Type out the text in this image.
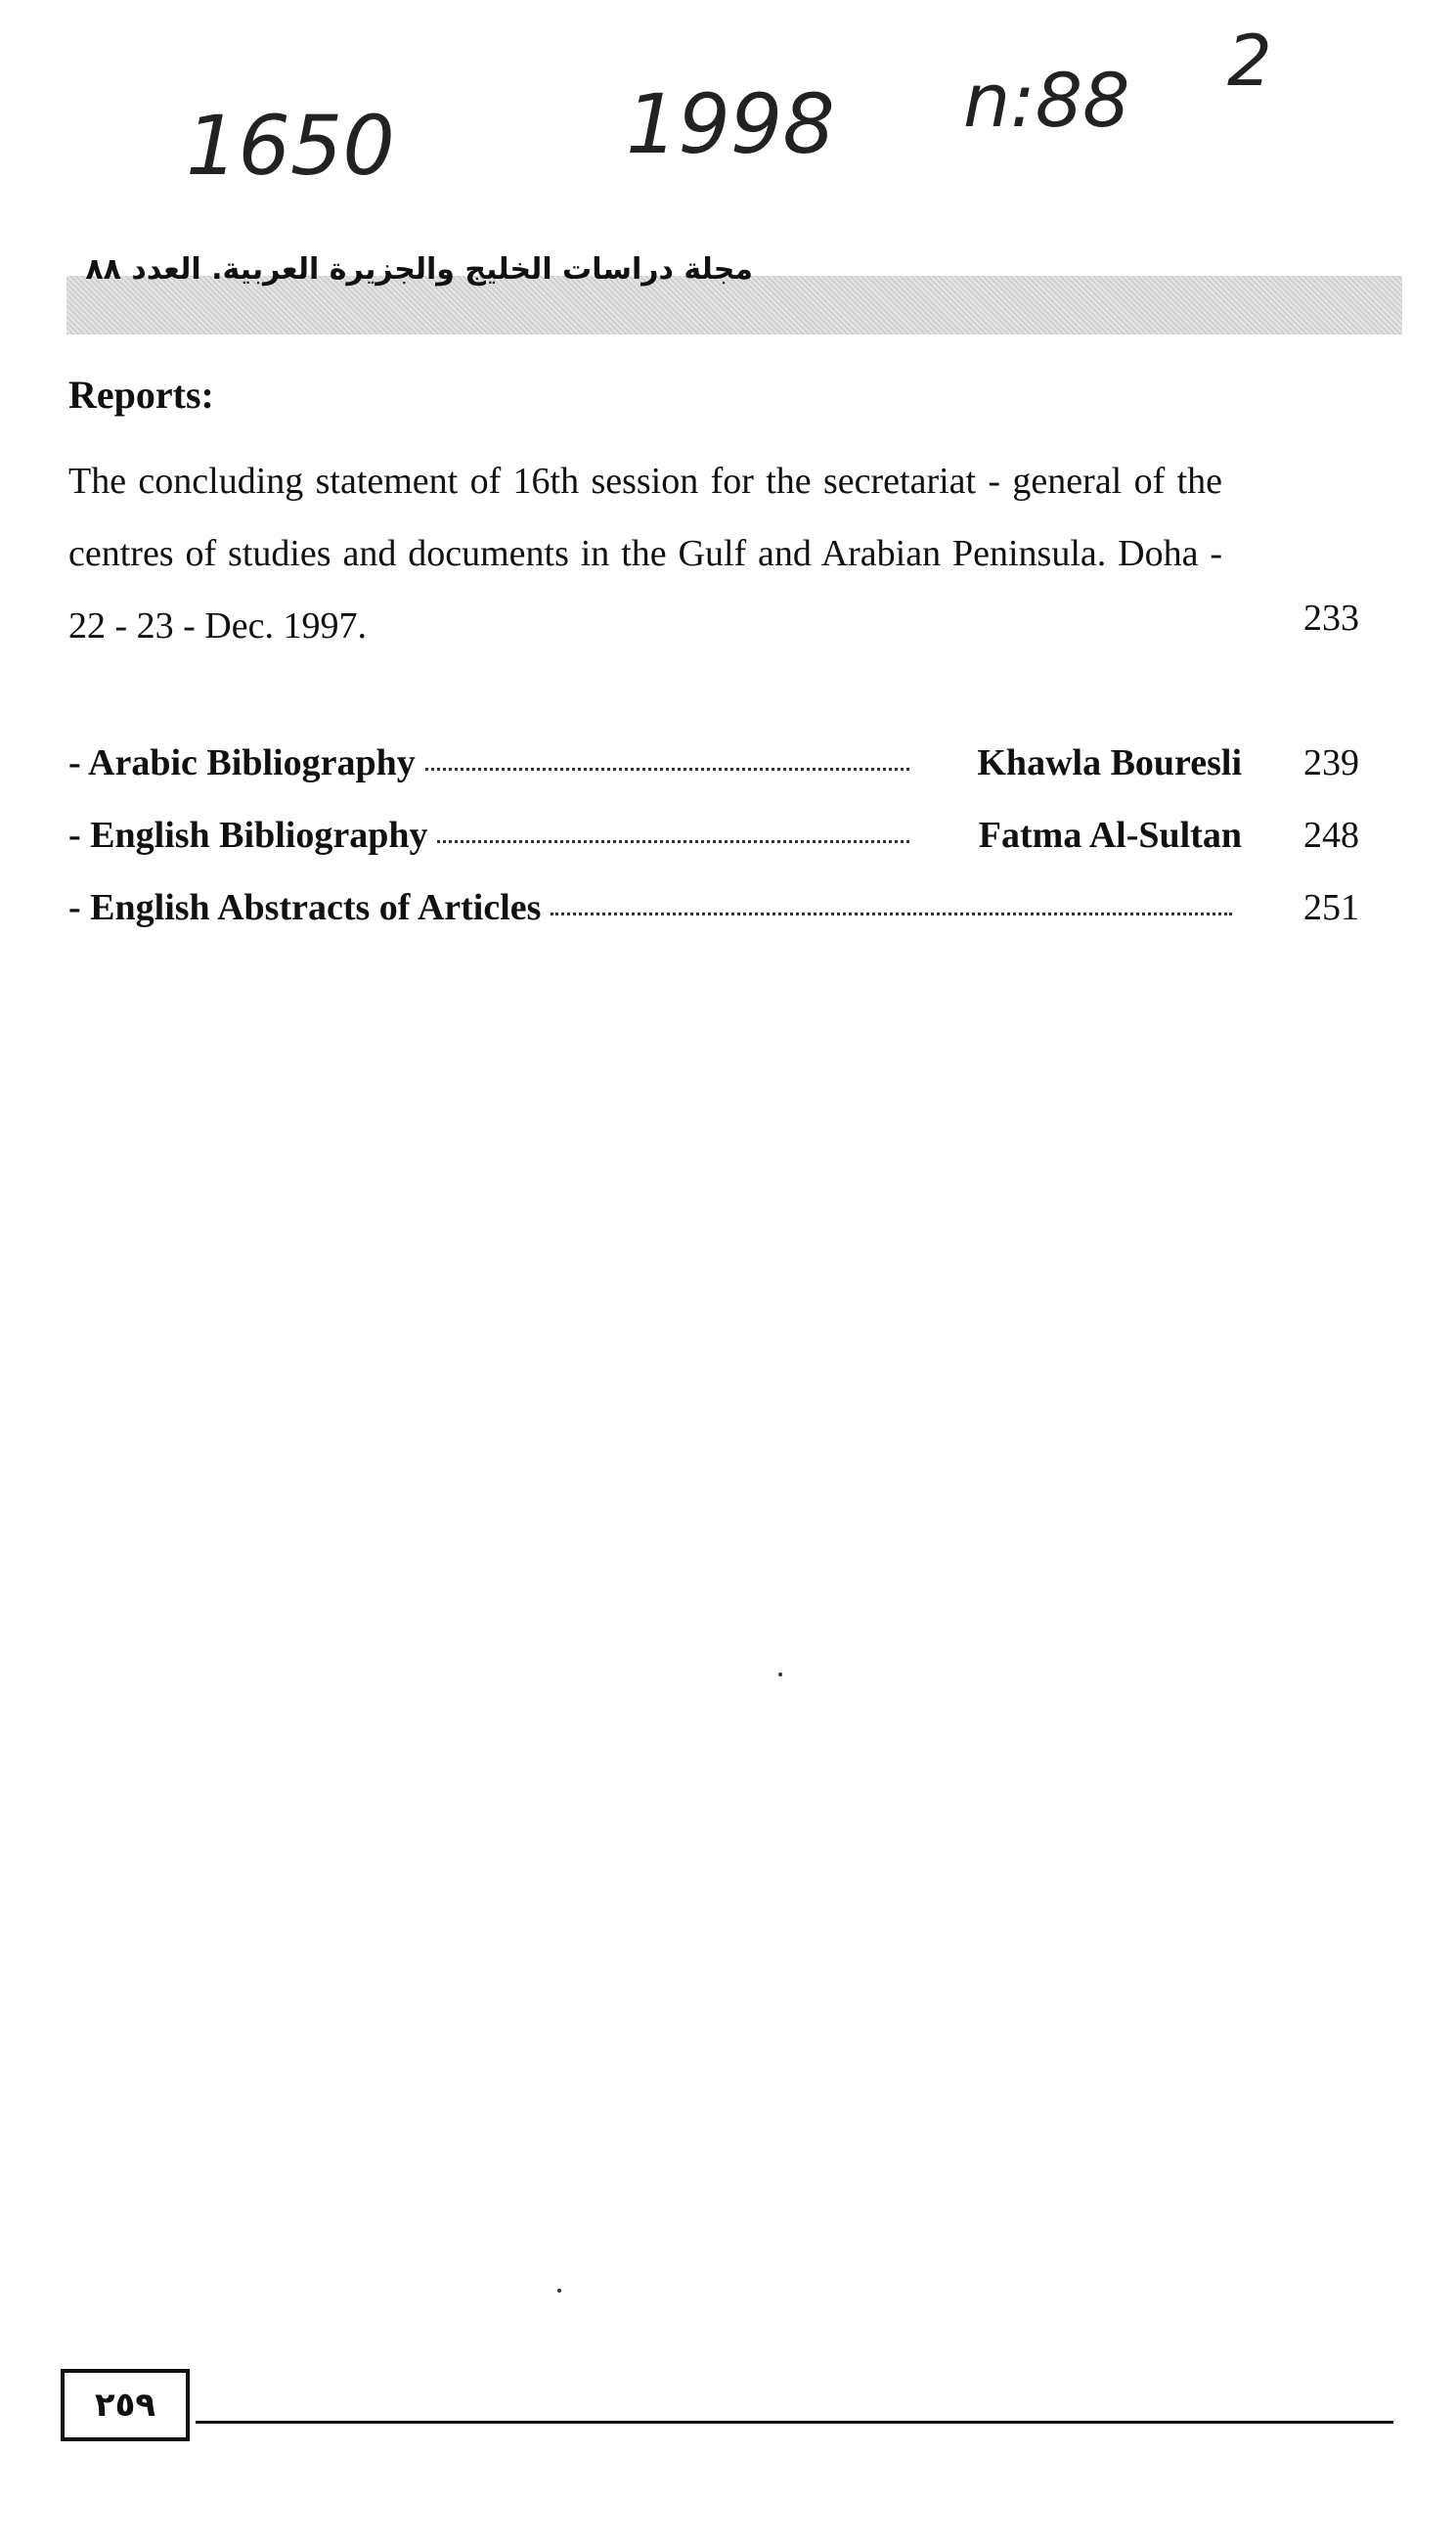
1650	1998 n:88 2
مجلة دراسات الخليج والجزيرة العربية. العدد ٨٨
Reports:
The concluding statement of 16th session for the secretariat - general of the centres of studies and documents in the Gulf and Arabian Peninsula. Doha - 22 - 23 - Dec. 1997.	233
- Arabic Bibliography	Khawla Bouresli	239
- English Bibliography	Fatma Al-Sultan	248
- English Abstracts of Articles	251
٢٥٩
